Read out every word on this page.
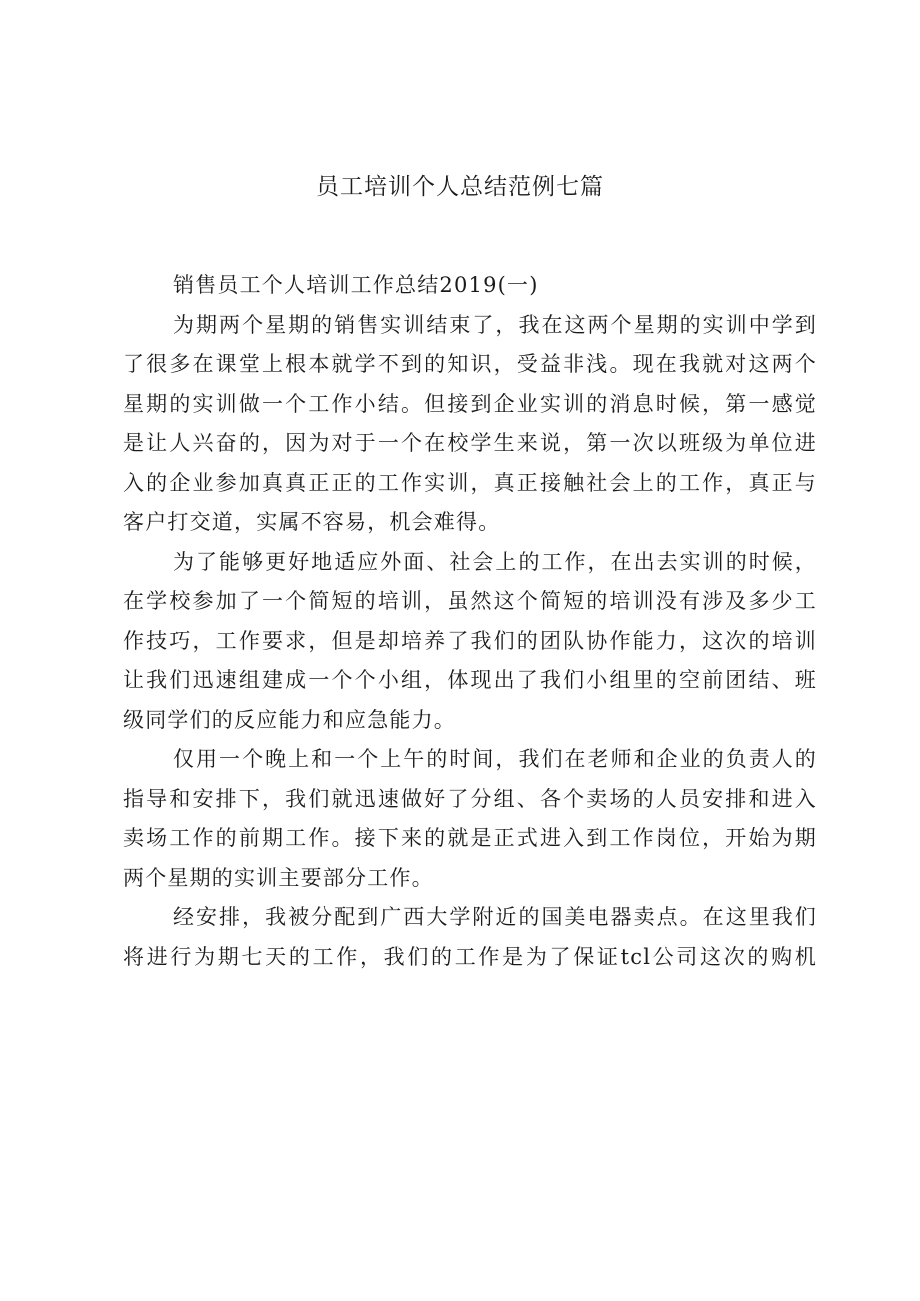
员工培训个人总结范例七篇
销售员工个人培训工作总结2019(一)
为期两个星期的销售实训结束了，我在这两个星期的实训中学到
了很多在课堂上根本就学不到的知识，受益非浅。现在我就对这两个
星期的实训做一个工作小结。但接到企业实训的消息时候，第一感觉
是让人兴奋的，因为对于一个在校学生来说，第一次以班级为单位进
入的企业参加真真正正的工作实训，真正接触社会上的工作，真正与
客户打交道，实属不容易，机会难得。
为了能够更好地适应外面、社会上的工作，在出去实训的时候，
在学校参加了一个简短的培训，虽然这个简短的培训没有涉及多少工
作技巧，工作要求，但是却培养了我们的团队协作能力，这次的培训
让我们迅速组建成一个个小组，体现出了我们小组里的空前团结、班
级同学们的反应能力和应急能力。
仅用一个晚上和一个上午的时间，我们在老师和企业的负责人的
指导和安排下，我们就迅速做好了分组、各个卖场的人员安排和进入
卖场工作的前期工作。接下来的就是正式进入到工作岗位，开始为期
两个星期的实训主要部分工作。
经安排，我被分配到广西大学附近的国美电器卖点。在这里我们
将进行为期七天的工作，我们的工作是为了保证tcl公司这次的购机
